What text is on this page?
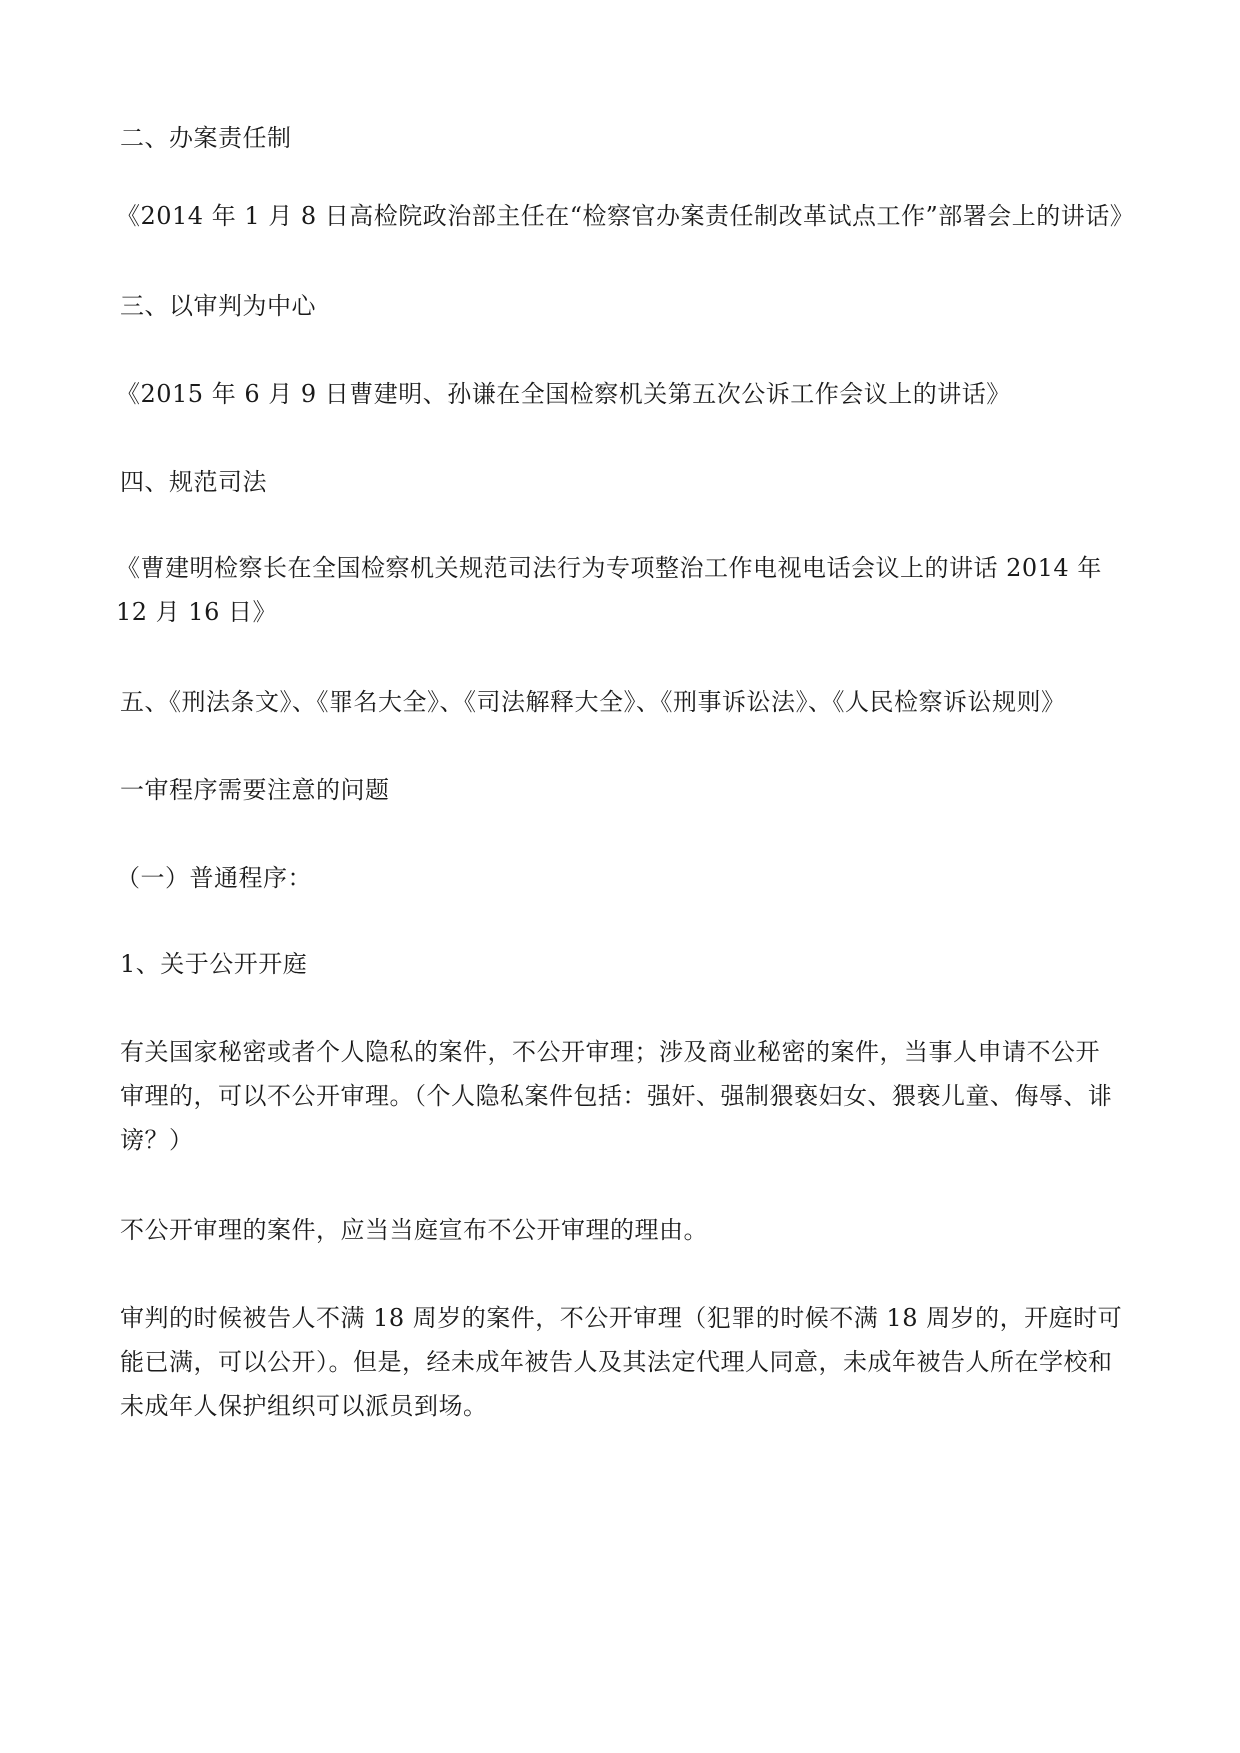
二、办案责任制
《2014 年 1 月 8 日高检院政治部主任在“检察官办案责任制改革试点工作”部署会上的讲话》
三、以审判为中心
《2015 年 6 月 9 日曹建明、孙谦在全国检察机关第五次公诉工作会议上的讲话》
四、规范司法
《曹建明检察长在全国检察机关规范司法行为专项整治工作电视电话会议上的讲话 2014 年
12 月 16 日》
五、《刑法条文》、《罪名大全》、《司法解释大全》、《刑事诉讼法》、《人民检察诉讼规则》
一审程序需要注意的问题
（一）普通程序：
1、关于公开开庭
有关国家秘密或者个人隐私的案件，不公开审理；涉及商业秘密的案件，当事人申请不公开
审理的，可以不公开审理。（个人隐私案件包括：强奸、强制猥亵妇女、猥亵儿童、侮辱、诽
谤？）
不公开审理的案件，应当当庭宣布不公开审理的理由。
审判的时候被告人不满 18 周岁的案件，不公开审理（犯罪的时候不满 18 周岁的，开庭时可
能已满，可以公开）。但是，经未成年被告人及其法定代理人同意，未成年被告人所在学校和
未成年人保护组织可以派员到场。
